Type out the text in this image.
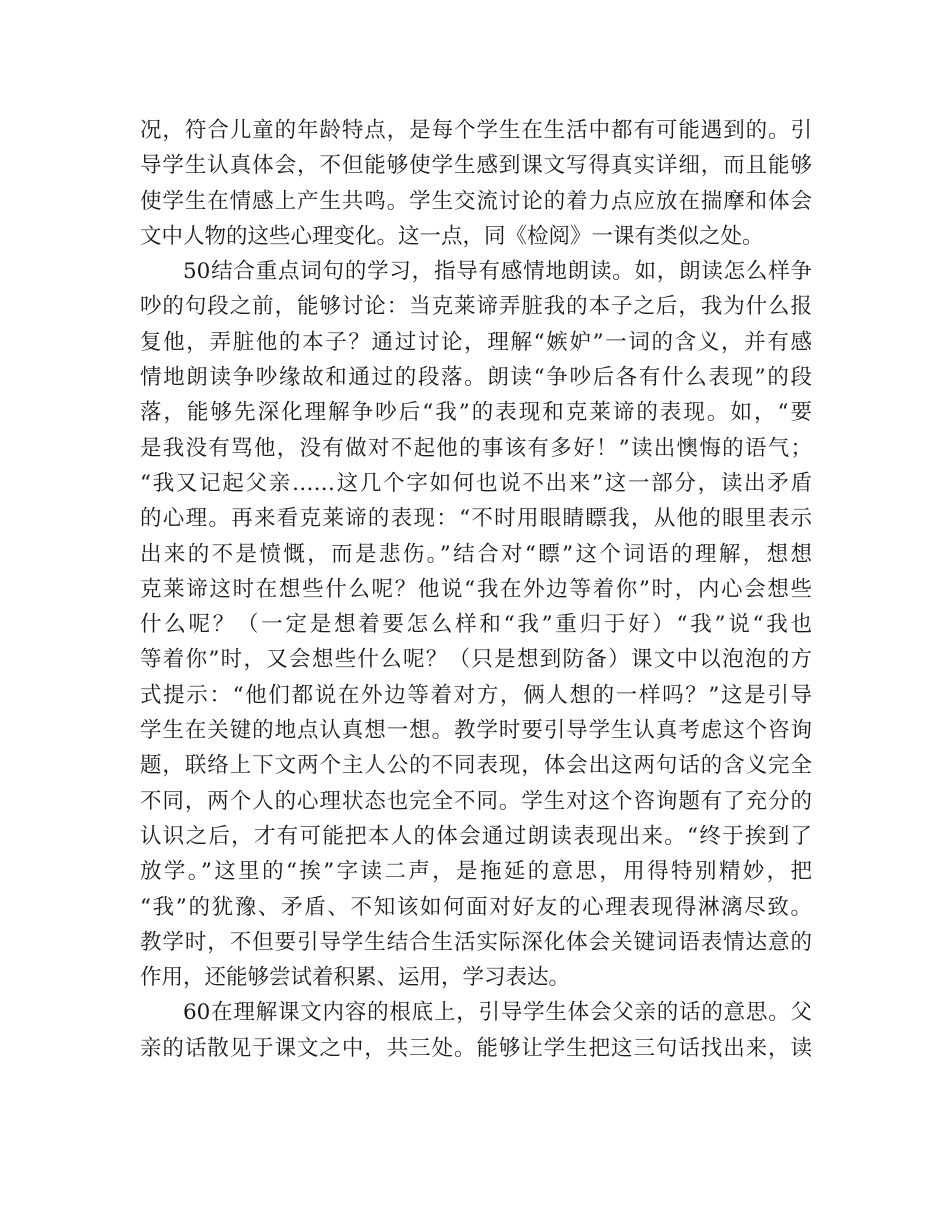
况，符合儿童的年龄特点，是每个学生在生活中都有可能遇到的。引
导学生认真体会，不但能够使学生感到课文写得真实详细，而且能够
使学生在情感上产生共鸣。学生交流讨论的着力点应放在揣摩和体会
文中人物的这些心理变化。这一点，同《检阅》一课有类似之处。
50结合重点词句的学习，指导有感情地朗读。如，朗读怎么样争
吵的句段之前，能够讨论：当克莱谛弄脏我的本子之后，我为什么报
复他，弄脏他的本子？通过讨论，理解“嫉妒”一词的含义，并有感
情地朗读争吵缘故和通过的段落。朗读“争吵后各有什么表现”的段
落，能够先深化理解争吵后“我”的表现和克莱谛的表现。如，“要
是我没有骂他，没有做对不起他的事该有多好！”读出懊悔的语气；
“我又记起父亲……这几个字如何也说不出来”这一部分，读出矛盾
的心理。再来看克莱谛的表现：“不时用眼睛瞟我，从他的眼里表示
出来的不是愤慨，而是悲伤。”结合对“瞟”这个词语的理解，想想
克莱谛这时在想些什么呢？他说“我在外边等着你”时，内心会想些
什么呢？（一定是想着要怎么样和“我”重归于好）“我”说“我也
等着你”时，又会想些什么呢？（只是想到防备）课文中以泡泡的方
式提示：“他们都说在外边等着对方，俩人想的一样吗？”这是引导
学生在关键的地点认真想一想。教学时要引导学生认真考虑这个咨询
题，联络上下文两个主人公的不同表现，体会出这两句话的含义完全
不同，两个人的心理状态也完全不同。学生对这个咨询题有了充分的
认识之后，才有可能把本人的体会通过朗读表现出来。“终于挨到了
放学。”这里的“挨”字读二声，是拖延的意思，用得特别精妙，把
“我”的犹豫、矛盾、不知该如何面对好友的心理表现得淋漓尽致。
教学时，不但要引导学生结合生活实际深化体会关键词语表情达意的
作用，还能够尝试着积累、运用，学习表达。
60在理解课文内容的根底上，引导学生体会父亲的话的意思。父
亲的话散见于课文之中，共三处。能够让学生把这三句话找出来，读
